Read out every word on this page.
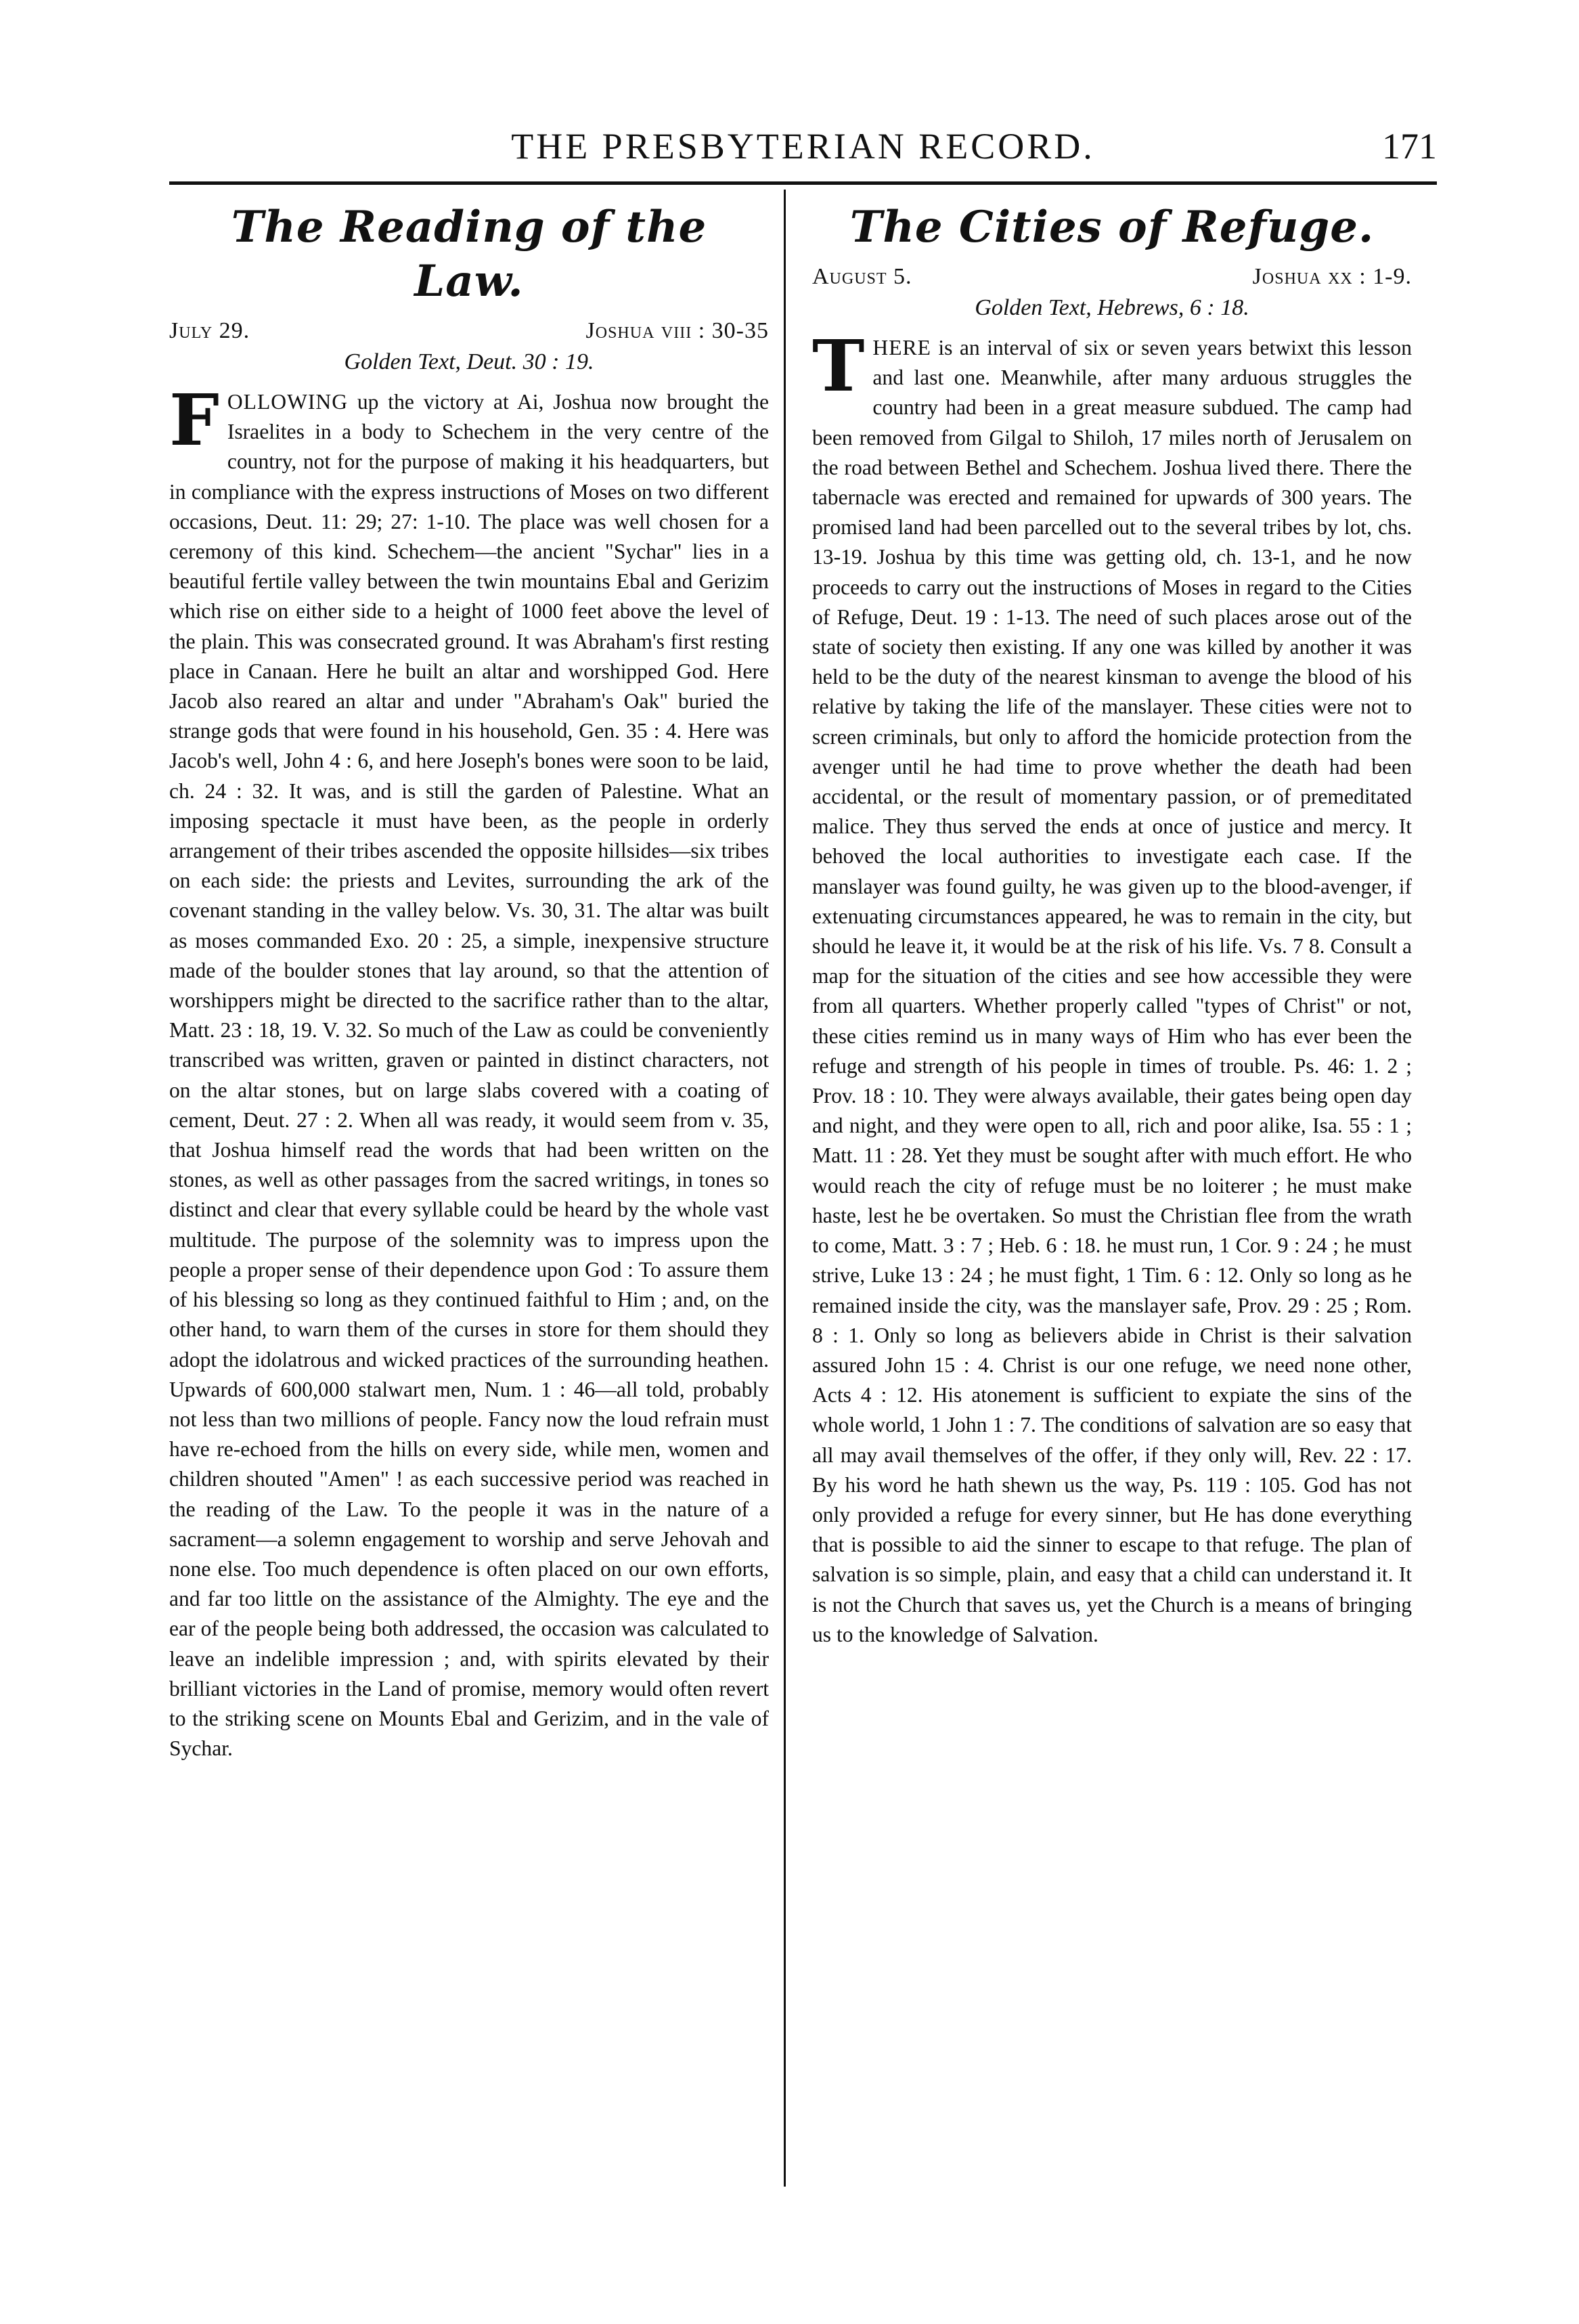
THE PRESBYTERIAN RECORD.	171
The Reading of the Law.
July 29.	Joshua viii : 30-35
Golden Text, Deut. 30 : 19.

FOLLOWING up the victory at Ai, Joshua now brought the Israelites in a body to Schechem in the very centre of the country, not for the purpose of making it his headquarters, but in compliance with the express instructions of Moses on two different occasions, Deut. 11: 29; 27: 1-10. The place was well chosen for a ceremony of this kind. Schechem—the ancient "Sychar" lies in a beautiful fertile valley between the twin mountains Ebal and Gerizim which rise on either side to a height of 1000 feet above the level of the plain. This was consecrated ground. It was Abraham's first resting place in Canaan. Here he built an altar and worshipped God. Here Jacob also reared an altar and under "Abraham's Oak" buried the strange gods that were found in his household, Gen. 35 : 4. Here was Jacob's well, John 4 : 6, and here Joseph's bones were soon to be laid, ch. 24 : 32. It was, and is still the garden of Palestine. What an imposing spectacle it must have been, as the people in orderly arrangement of their tribes ascended the opposite hillsides—six tribes on each side: the priests and Levites, surrounding the ark of the covenant standing in the valley below. Vs. 30, 31. The altar was built as moses commanded Exo. 20 : 25, a simple, inexpensive structure made of the boulder stones that lay around, so that the attention of worshippers might be directed to the sacrifice rather than to the altar, Matt. 23 : 18, 19. V. 32. So much of the Law as could be conveniently transcribed was written, graven or painted in distinct characters, not on the altar stones, but on large slabs covered with a coating of cement, Deut. 27 : 2. When all was ready, it would seem from v. 35, that Joshua himself read the words that had been written on the stones, as well as other passages from the sacred writings, in tones so distinct and clear that every syllable could be heard by the whole vast multitude. The purpose of the solemnity was to impress upon the people a proper sense of their dependence upon God : To assure them of his blessing so long as they continued faithful to Him ; and, on the other hand, to warn them of the curses in store for them should they adopt the idolatrous and wicked practices of the surrounding heathen. Upwards of 600,000 stalwart men, Num. 1 : 46—all told, probably not less than two millions of people. Fancy now the loud refrain must have re-echoed from the hills on every side, while men, women and children shouted "Amen" ! as each successive period was reached in the reading of the Law. To the people it was in the nature of a sacrament—a solemn engagement to worship and serve Jehovah and none else. Too much dependence is often placed on our own efforts, and far too little on the assistance of the Almighty. The eye and the ear of the people being both addressed, the occasion was calculated to leave an indelible impression ; and, with spirits elevated by their brilliant victories in the Land of promise, memory would often revert to the striking scene on Mounts Ebal and Gerizim, and in the vale of Sychar.

The Cities of Refuge.
August 5.	Joshua xx : 1-9.
Golden Text, Hebrews, 6 : 18.

THERE is an interval of six or seven years betwixt this lesson and last one. Meanwhile, after many arduous struggles the country had been in a great measure subdued. The camp had been removed from Gilgal to Shiloh, 17 miles north of Jerusalem on the road between Bethel and Schechem. Joshua lived there. There the tabernacle was erected and remained for upwards of 300 years. The promised land had been parcelled out to the several tribes by lot, chs. 13-19. Joshua by this time was getting old, ch. 13-1, and he now proceeds to carry out the instructions of Moses in regard to the Cities of Refuge, Deut. 19 : 1-13. The need of such places arose out of the state of society then existing. If any one was killed by another it was held to be the duty of the nearest kinsman to avenge the blood of his relative by taking the life of the manslayer. These cities were not to screen criminals, but only to afford the homicide protection from the avenger until he had time to prove whether the death had been accidental, or the result of momentary passion, or of premeditated malice. They thus served the ends at once of justice and mercy. It behoved the local authorities to investigate each case. If the manslayer was found guilty, he was given up to the blood-avenger, if extenuating circumstances appeared, he was to remain in the city, but should he leave it, it would be at the risk of his life. Vs. 7 8. Consult a map for the situation of the cities and see how accessible they were from all quarters. Whether properly called "types of Christ" or not, these cities remind us in many ways of Him who has ever been the refuge and strength of his people in times of trouble. Ps. 46: 1. 2 ; Prov. 18 : 10. They were always available, their gates being open day and night, and they were open to all, rich and poor alike, Isa. 55 : 1 ; Matt. 11 : 28. Yet they must be sought after with much effort. He who would reach the city of refuge must be no loiterer ; he must make haste, lest he be overtaken. So must the Christian flee from the wrath to come, Matt. 3 : 7 ; Heb. 6 : 18. he must run, 1 Cor. 9 : 24 ; he must strive, Luke 13 : 24 ; he must fight, 1 Tim. 6 : 12. Only so long as he remained inside the city, was the manslayer safe, Prov. 29 : 25 ; Rom. 8 : 1. Only so long as believers abide in Christ is their salvation assured John 15 : 4. Christ is our one refuge, we need none other, Acts 4 : 12. His atonement is sufficient to expiate the sins of the whole world, 1 John 1 : 7. The conditions of salvation are so easy that all may avail themselves of the offer, if they only will, Rev. 22 : 17. By his word he hath shewn us the way, Ps. 119 : 105. God has not only provided a refuge for every sinner, but He has done everything that is possible to aid the sinner to escape to that refuge. The plan of salvation is so simple, plain, and easy that a child can understand it. It is not the Church that saves us, yet the Church is a means of bringing us to the knowledge of Salvation.
